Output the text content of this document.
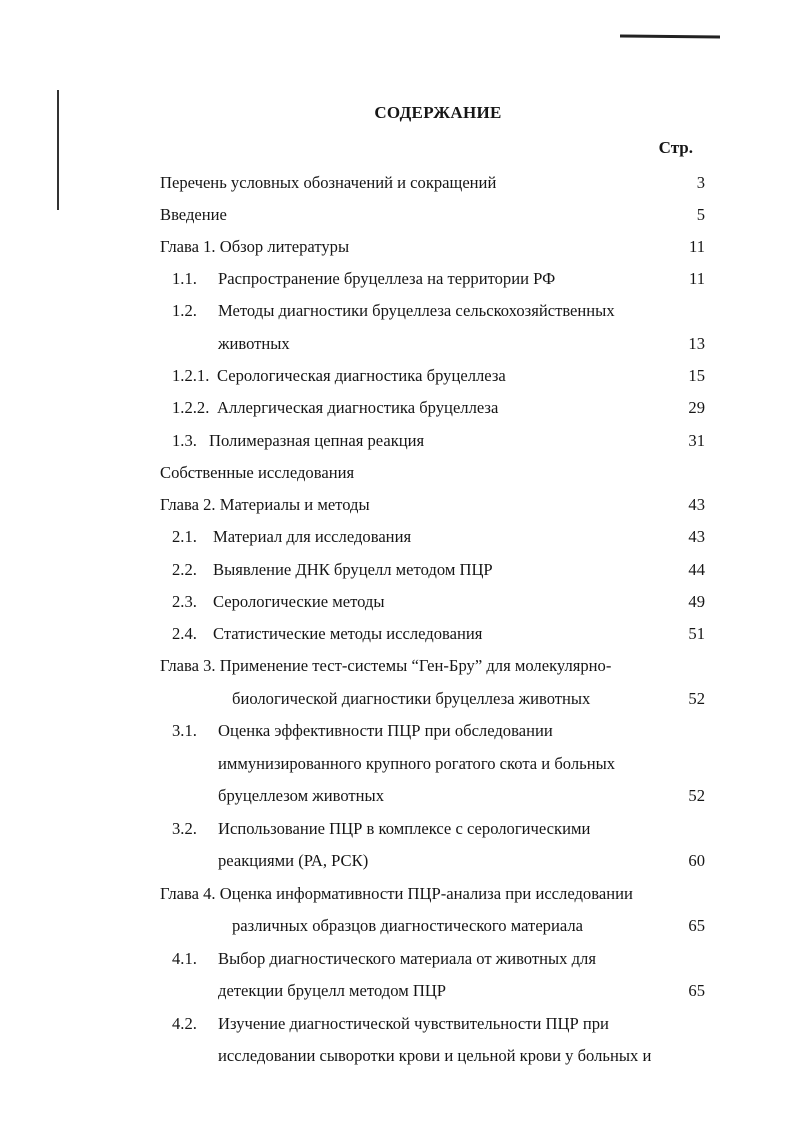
СОДЕРЖАНИЕ
Стр.
Перечень условных обозначений и сокращений	3
Введение	5
Глава 1. Обзор литературы	11
1.1. Распространение бруцеллеза на территории РФ	11
1.2. Методы диагностики бруцеллеза сельскохозяйственных
животных	13
1.2.1. Серологическая диагностика бруцеллеза	15
1.2.2. Аллергическая диагностика бруцеллеза	29
1.3. Полимеразная цепная реакция	31
Собственные исследования
Глава 2. Материалы и методы	43
2.1. Материал для исследования	43
2.2. Выявление ДНК бруцелл методом ПЦР	44
2.3. Серологические методы	49
2.4. Статистические методы исследования	51
Глава 3. Применение тест-системы “Ген-Бру” для молекулярно-
биологической диагностики бруцеллеза животных	52
3.1. Оценка эффективности ПЦР при обследовании
иммунизированного крупного рогатого скота и больных
бруцеллезом животных	52
3.2. Использование ПЦР в комплексе с серологическими
реакциями (РА, РСК)	60
Глава 4. Оценка информативности ПЦР-анализа при исследовании
различных образцов диагностического материала	65
4.1. Выбор диагностического материала от животных для
детекции бруцелл методом ПЦР	65
4.2. Изучение диагностической чувствительности ПЦР при
исследовании сыворотки крови и цельной крови у больных и
